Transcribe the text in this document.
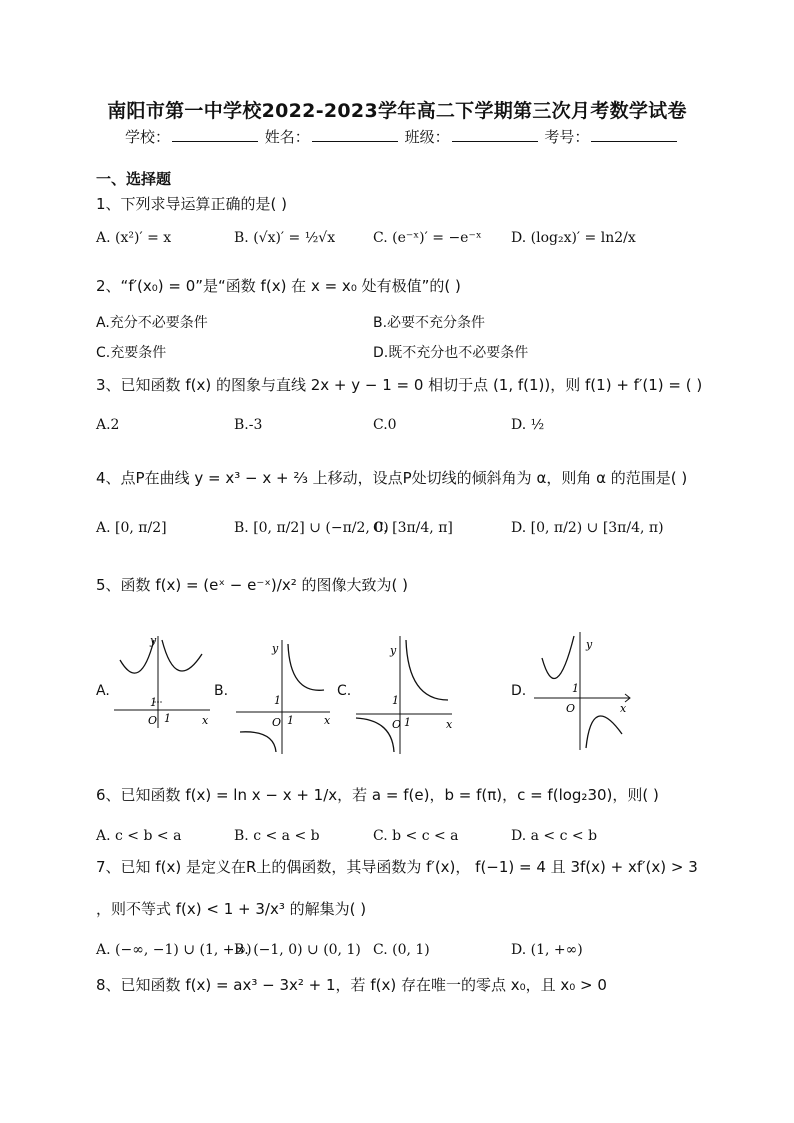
南阳市第一中学校2022-2023学年高二下学期第三次月考数学试卷
学校：	姓名：	班级：	考号：
一、选择题
1、下列求导运算正确的是( )
A. (x²)′ = x	B. (√x)′ = ½√x	C. (e⁻ˣ)′ = −e⁻ˣ D. (log₂x)′ = ln2/x
2、“f′(x₀) = 0”是“函数 f(x) 在 x = x₀ 处有极值”的( )
A.充分不必要条件	B.必要不充分条件
C.充要条件	D.既不充分也不必要条件
3、已知函数 f(x) 的图象与直线 2x + y − 1 = 0 相切于点 (1, f(1))，则 f(1) + f′(1) = ( )
A.2	B.-3	C.0	D. ½
4、点P在曲线 y = x³ − x + ⅔ 上移动，设点P处切线的倾斜角为 α，则角 α 的范围是( )
A. [0, π/2]	B. [0, π/2] ∪ (−π/2, 0)
C. [3π/4, π]	D. [0, π/2) ∪ [3π/4, π)
5、函数 f(x) = (eˣ − e⁻ˣ)/x² 的图像大致为( )
A.
y
x
O 1
1
B.
y
x
O 1
1
C.
y
x
O 1
1
D.
y
x
O
1
6、已知函数 f(x) = ln x − x + 1/x，若 a = f(e)，b = f(π)，c = f(log₂30)，则( )
A. c < b < a	B. c < a < b	C. b < c < a	D. a < c < b
7、已知 f(x) 是定义在R上的偶函数，其导函数为 f′(x)， f(−1) = 4 且 3f(x) + xf′(x) > 3
，则不等式 f(x) < 1 + 3/x³ 的解集为( )
A. (−∞, −1) ∪ (1, +∞)
B. (−1, 0) ∪ (0, 1) C. (0, 1)	D. (1, +∞)
8、已知函数 f(x) = ax³ − 3x² + 1，若 f(x) 存在唯一的零点 x₀，且 x₀ > 0
